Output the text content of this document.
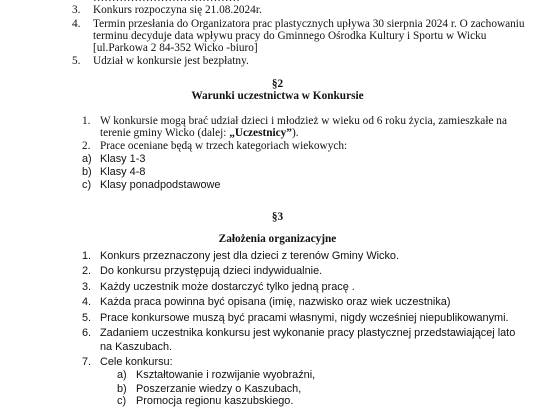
3. Konkurs rozpoczyna się 21.08.2024r.
4. Termin przesłania do Organizatora prac plastycznych upływa 30 sierpnia 2024 r. O zachowaniu
terminu decyduje data wpływu pracy do Gminnego Ośrodka Kultury i Sportu w Wicku
[ul.Parkowa 2 84-352 Wicko -biuro]
5. Udział w konkursie jest bezpłatny.
§2
Warunki uczestnictwa w Konkursie
1. W konkursie mogą brać udział dzieci i młodzież w wieku od 6 roku życia, zamieszkałe na
terenie gminy Wicko (dalej: „Uczestnicy”).
2. Prace oceniane będą w trzech kategoriach wiekowych:
a) Klasy 1-3
b) Klasy 4-8
c) Klasy ponadpodstawowe
§3
Założenia organizacyjne
1. Konkurs przeznaczony jest dla dzieci z terenów Gminy Wicko.
2. Do konkursu przystępują dzieci indywidualnie.
3. Każdy uczestnik może dostarczyć tylko jedną pracę .
4. Każda praca powinna być opisana (imię, nazwisko oraz wiek uczestnika)
5. Prace konkursowe muszą być pracami własnymi, nigdy wcześniej niepublikowanymi.
6. Zadaniem uczestnika konkursu jest wykonanie pracy plastycznej przedstawiającej lato
na Kaszubach.
7. Cele konkursu:
a) Kształtowanie i rozwijanie wyobraźni,
b) Poszerzanie wiedzy o Kaszubach,
c) Promocja regionu kaszubskiego.
